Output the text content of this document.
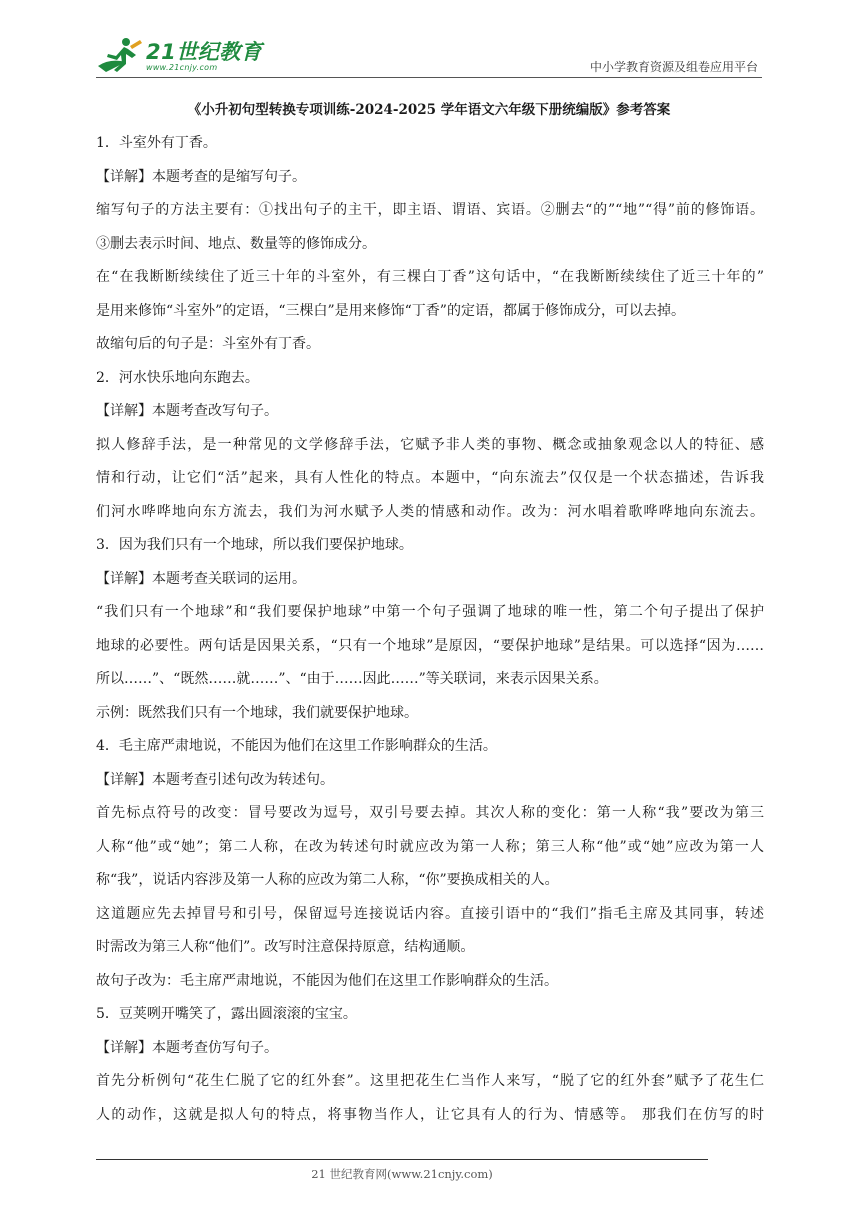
21世纪教育
www.21cnjy.com	中小学教育资源及组卷应用平台
《小升初句型转换专项训练-2024-2025 学年语文六年级下册统编版》参考答案
1．斗室外有丁香。
【详解】本题考查的是缩写句子。
缩写句子的方法主要有：①找出句子的主干，即主语、谓语、宾语。②删去“的”“地”“得”前的修饰语。
③删去表示时间、地点、数量等的修饰成分。
在“在我断断续续住了近三十年的斗室外，有三棵白丁香”这句话中，“在我断断续续住了近三十年的”
是用来修饰“斗室外”的定语，“三棵白”是用来修饰“丁香”的定语，都属于修饰成分，可以去掉。
故缩句后的句子是：斗室外有丁香。
2．河水快乐地向东跑去。
【详解】本题考查改写句子。
拟人修辞手法，是一种常见的文学修辞手法，它赋予非人类的事物、概念或抽象观念以人的特征、感
情和行动，让它们“活”起来，具有人性化的特点。本题中，“向东流去”仅仅是一个状态描述，告诉我
们河水哗哗地向东方流去，我们为河水赋予人类的情感和动作。改为：河水唱着歌哗哗地向东流去。
3．因为我们只有一个地球，所以我们要保护地球。
【详解】本题考查关联词的运用。
“我们只有一个地球”和“我们要保护地球”中第一个句子强调了地球的唯一性，第二个句子提出了保护
地球的必要性。两句话是因果关系，“只有一个地球”是原因，“要保护地球”是结果。可以选择“因为……
所以……”、“既然……就……”、“由于……因此……”等关联词，来表示因果关系。
示例：既然我们只有一个地球，我们就要保护地球。
4．毛主席严肃地说，不能因为他们在这里工作影响群众的生活。
【详解】本题考查引述句改为转述句。
首先标点符号的改变：冒号要改为逗号，双引号要去掉。其次人称的变化：第一人称“我”要改为第三
人称“他”或“她”；第二人称，在改为转述句时就应改为第一人称；第三人称“他”或“她”应改为第一人
称“我”，说话内容涉及第一人称的应改为第二人称，“你”要换成相关的人。
这道题应先去掉冒号和引号，保留逗号连接说话内容。直接引语中的“我们”指毛主席及其同事，转述
时需改为第三人称“他们”。改写时注意保持原意，结构通顺。
故句子改为：毛主席严肃地说，不能因为他们在这里工作影响群众的生活。
5．豆荚咧开嘴笑了，露出圆滚滚的宝宝。
【详解】本题考查仿写句子。
首先分析例句“花生仁脱了它的红外套”。这里把花生仁当作人来写，“脱了它的红外套”赋予了花生仁
人的动作，这就是拟人句的特点，将事物当作人，让它具有人的行为、情感等。 那我们在仿写的时
21 世纪教育网(www.21cnjy.com)
